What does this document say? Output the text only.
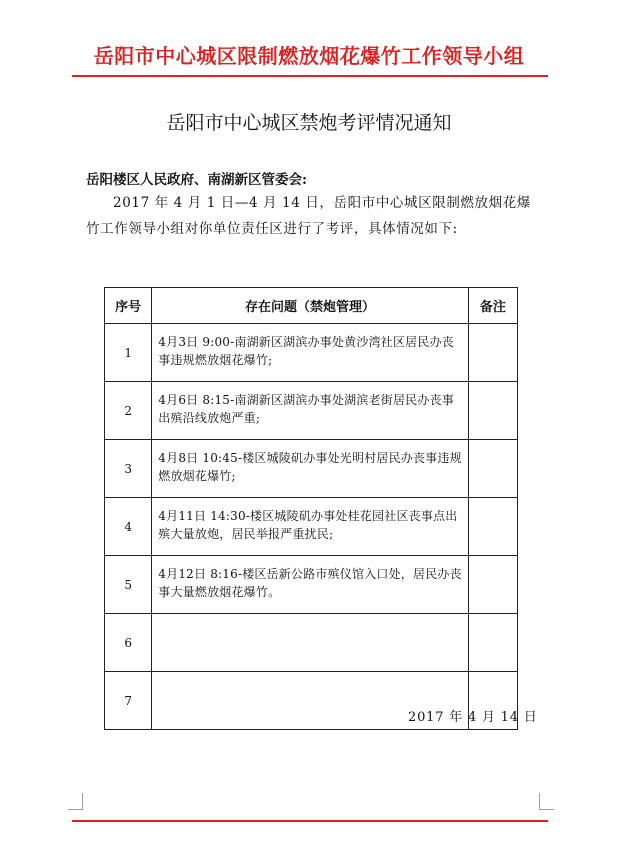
岳阳市中心城区限制燃放烟花爆竹工作领导小组
岳阳市中心城区禁炮考评情况通知
岳阳楼区人民政府、南湖新区管委会:
2017 年 4 月 1 日—4 月 14 日，岳阳市中心城区限制燃放烟花爆竹工作领导小组对你单位责任区进行了考评，具体情况如下:
序号	存在问题（禁炮管理）	备注
1	4月3日 9:00-南湖新区湖滨办事处黄沙湾社区居民办丧事违规燃放烟花爆竹;	
2	4月6日 8:15-南湖新区湖滨办事处湖滨老街居民办丧事出殡沿线放炮严重;	
3	4月8日 10:45-楼区城陵矶办事处光明村居民办丧事违规燃放烟花爆竹;	
4	4月11日 14:30-楼区城陵矶办事处桂花园社区丧事点出殡大量放炮，居民举报严重扰民;	
5	4月12日 8:16-楼区岳新公路市殡仪馆入口处，居民办丧事大量燃放烟花爆竹。	
6		
7		
2017 年 4 月 14 日
